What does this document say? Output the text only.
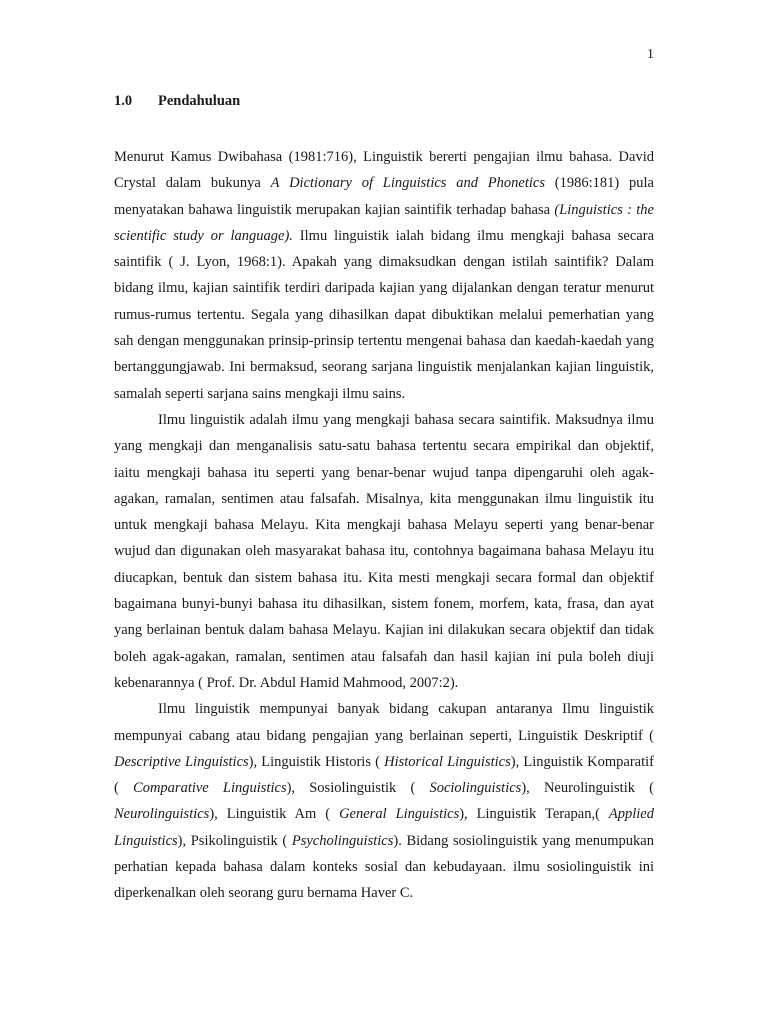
1
1.0 Pendahuluan

Menurut Kamus Dwibahasa (1981:716), Linguistik bererti pengajian ilmu bahasa. David Crystal dalam bukunya A Dictionary of Linguistics and Phonetics (1986:181) pula menyatakan bahawa linguistik merupakan kajian saintifik terhadap bahasa (Linguistics : the scientific study or language). Ilmu linguistik ialah bidang ilmu mengkaji bahasa secara saintifik ( J. Lyon, 1968:1). Apakah yang dimaksudkan dengan istilah saintifik? Dalam bidang ilmu, kajian saintifik terdiri daripada kajian yang dijalankan dengan teratur menurut rumus-rumus tertentu. Segala yang dihasilkan dapat dibuktikan melalui pemerhatian yang sah dengan menggunakan prinsip-prinsip tertentu mengenai bahasa dan kaedah-kaedah yang bertanggungjawab. Ini bermaksud, seorang sarjana linguistik menjalankan kajian linguistik, samalah seperti sarjana sains mengkaji ilmu sains.

Ilmu linguistik adalah ilmu yang mengkaji bahasa secara saintifik. Maksudnya ilmu yang mengkaji dan menganalisis satu-satu bahasa tertentu secara empirikal dan objektif, iaitu mengkaji bahasa itu seperti yang benar-benar wujud tanpa dipengaruhi oleh agak-agakan, ramalan, sentimen atau falsafah. Misalnya, kita menggunakan ilmu linguistik itu untuk mengkaji bahasa Melayu. Kita mengkaji bahasa Melayu seperti yang benar-benar wujud dan digunakan oleh masyarakat bahasa itu, contohnya bagaimana bahasa Melayu itu diucapkan, bentuk dan sistem bahasa itu. Kita mesti mengkaji secara formal dan objektif bagaimana bunyi-bunyi bahasa itu dihasilkan, sistem fonem, morfem, kata, frasa, dan ayat yang berlainan bentuk dalam bahasa Melayu. Kajian ini dilakukan secara objektif dan tidak boleh agak-agakan, ramalan, sentimen atau falsafah dan hasil kajian ini pula boleh diuji kebenarannya ( Prof. Dr. Abdul Hamid Mahmood, 2007:2).

Ilmu linguistik mempunyai banyak bidang cakupan antaranya Ilmu linguistik mempunyai cabang atau bidang pengajian yang berlainan seperti, Linguistik Deskriptif ( Descriptive Linguistics), Linguistik Historis ( Historical Linguistics), Linguistik Komparatif ( Comparative Linguistics), Sosiolinguistik ( Sociolinguistics), Neurolinguistik ( Neurolinguistics), Linguistik Am ( General Linguistics), Linguistik Terapan,( Applied Linguistics), Psikolinguistik ( Psycholinguistics). Bidang sosiolinguistik yang menumpukan perhatian kepada bahasa dalam konteks sosial dan kebudayaan. ilmu sosiolinguistik ini diperkenalkan oleh seorang guru bernama Haver C.
